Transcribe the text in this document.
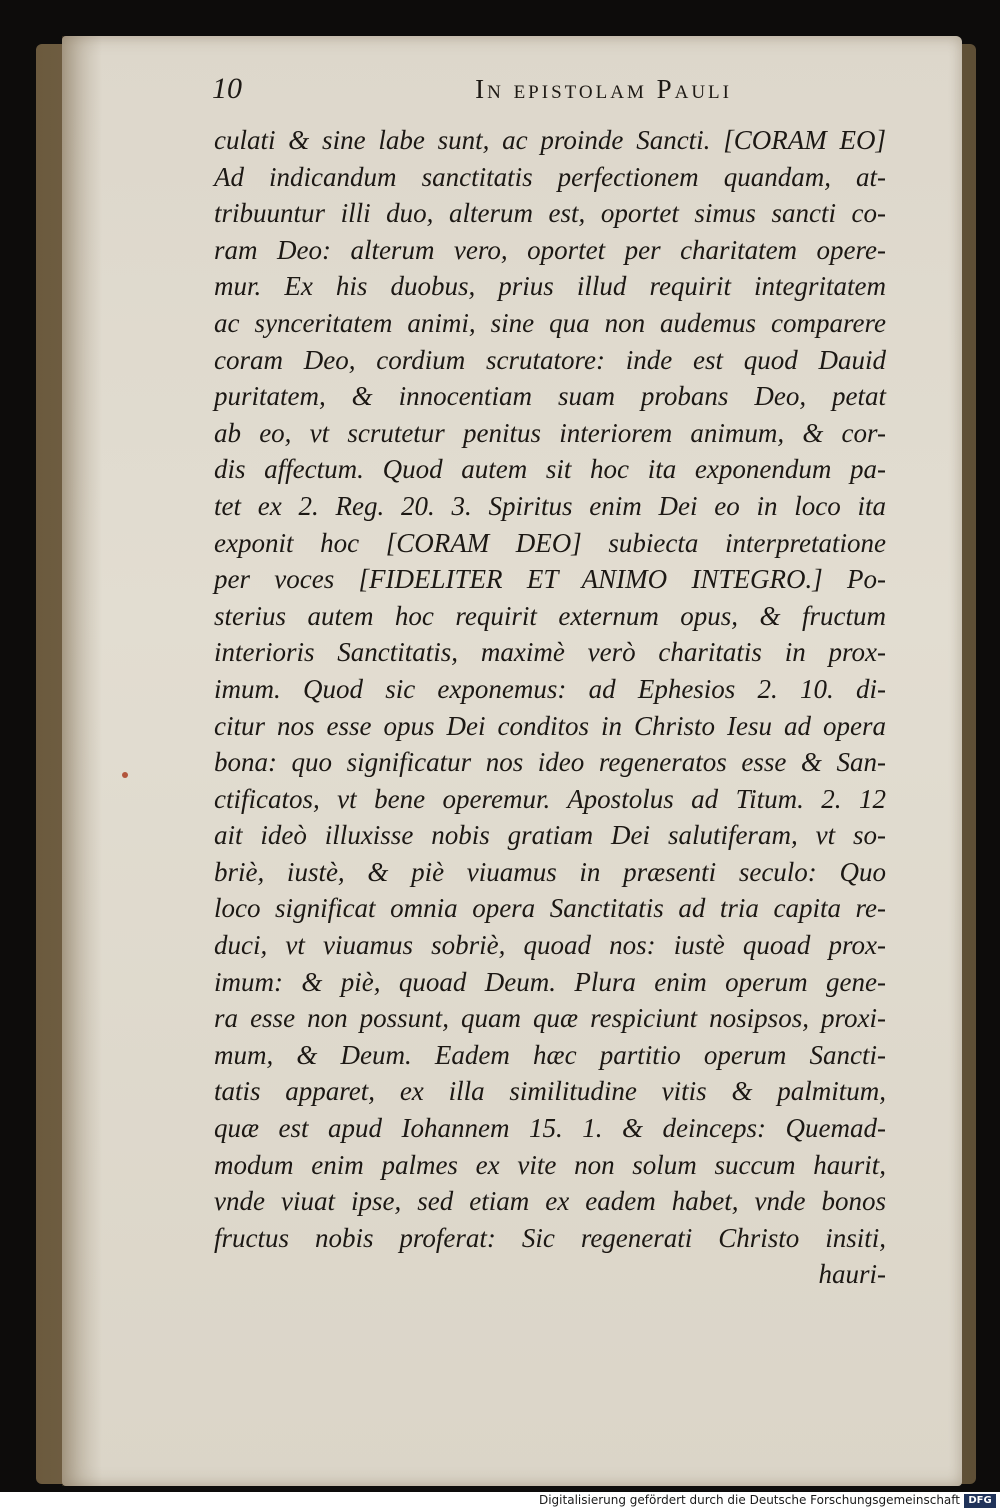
10	In epistolam Pauli
culati & sine labe sunt, ac proinde Sancti. [CORAM EO]
Ad indicandum sanctitatis perfectionem quandam, at-
tribuuntur illi duo, alterum est, oportet simus sancti co-
ram Deo: alterum vero, oportet per charitatem opere-
mur. Ex his duobus, prius illud requirit integritatem
ac synceritatem animi, sine qua non audemus comparere
coram Deo, cordium scrutatore: inde est quod Dauid
puritatem, & innocentiam suam probans Deo, petat
ab eo, vt scrutetur penitus interiorem animum, & cor-
dis affectum. Quod autem sit hoc ita exponendum pa-
tet ex 2. Reg. 20. 3. Spiritus enim Dei eo in loco ita
exponit hoc [CORAM DEO] subiecta interpretatione
per voces [FIDELITER ET ANIMO INTEGRO.] Po-
sterius autem hoc requirit externum opus, & fructum
interioris Sanctitatis, maximè verò charitatis in prox-
imum. Quod sic exponemus: ad Ephesios 2. 10. di-
citur nos esse opus Dei conditos in Christo Iesu ad opera
bona: quo significatur nos ideo regeneratos esse & San-
ctificatos, vt bene operemur. Apostolus ad Titum. 2. 12
ait ideò illuxisse nobis gratiam Dei salutiferam, vt so-
briè, iustè, & piè viuamus in præsenti seculo: Quo
loco significat omnia opera Sanctitatis ad tria capita re-
duci, vt viuamus sobriè, quoad nos: iustè quoad prox-
imum: & piè, quoad Deum. Plura enim operum gene-
ra esse non possunt, quam quæ respiciunt nosipsos, proxi-
mum, & Deum. Eadem hæc partitio operum Sancti-
tatis apparet, ex illa similitudine vitis & palmitum,
quæ est apud Iohannem 15. 1. & deinceps: Quemad-
modum enim palmes ex vite non solum succum haurit,
vnde viuat ipse, sed etiam ex eadem habet, vnde bonos
fructus nobis proferat: Sic regenerati Christo insiti,
hauri-
Digitalisierung gefördert durch die Deutsche Forschungsgemeinschaft DFG
